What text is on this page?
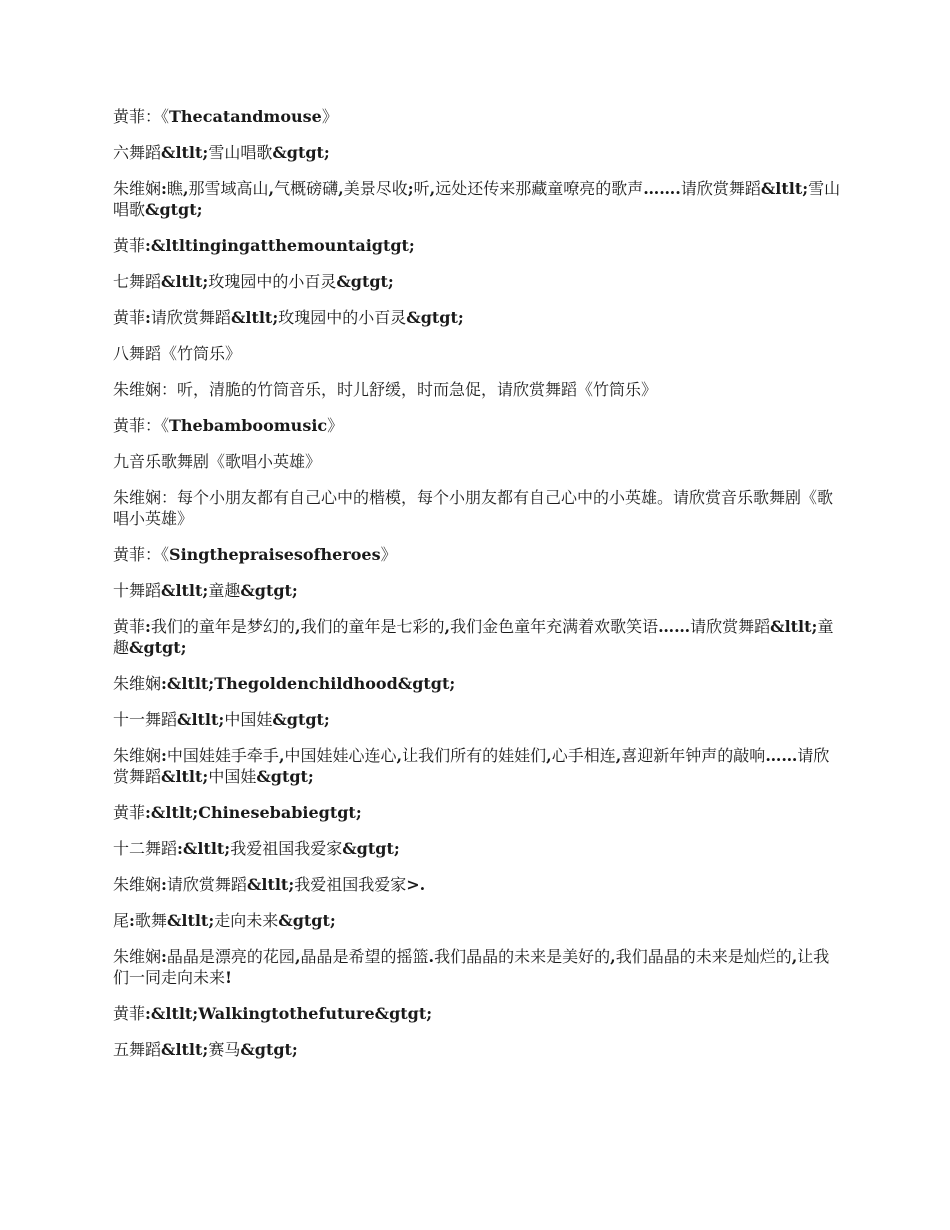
黄菲：《Thecatandmouse》

六舞蹈&ltlt;雪山唱歌&gtgt;

朱维娴:瞧,那雪域高山,气概磅礴,美景尽收;听,远处还传来那藏童嘹亮的歌声…….请欣赏舞蹈&ltlt;雪山唱歌&gtgt;

黄菲:&ltltingingatthemountaigtgt;

七舞蹈&ltlt;玫瑰园中的小百灵&gtgt;

黄菲:请欣赏舞蹈&ltlt;玫瑰园中的小百灵&gtgt;

八舞蹈《竹筒乐》

朱维娴：听，清脆的竹筒音乐，时儿舒缓，时而急促，请欣赏舞蹈《竹筒乐》

黄菲：《Thebamboomusic》

九音乐歌舞剧《歌唱小英雄》

朱维娴：每个小朋友都有自己心中的楷模，每个小朋友都有自己心中的小英雄。请欣赏音乐歌舞剧《歌唱小英雄》

黄菲：《Singthepraisesofheroes》

十舞蹈&ltlt;童趣&gtgt;

黄菲:我们的童年是梦幻的,我们的童年是七彩的,我们金色童年充满着欢歌笑语……请欣赏舞蹈&ltlt;童趣&gtgt;

朱维娴:&ltlt;Thegoldenchildhood&gtgt;

十一舞蹈&ltlt;中国娃&gtgt;

朱维娴:中国娃娃手牵手,中国娃娃心连心,让我们所有的娃娃们,心手相连,喜迎新年钟声的敲响……请欣赏舞蹈&ltlt;中国娃&gtgt;

黄菲:&ltlt;Chinesebabiegtgt;

十二舞蹈:&ltlt;我爱祖国我爱家&gtgt;

朱维娴:请欣赏舞蹈&ltlt;我爱祖国我爱家>.

尾:歌舞&ltlt;走向未来&gtgt;

朱维娴:晶晶是漂亮的花园,晶晶是希望的摇篮.我们晶晶的未来是美好的,我们晶晶的未来是灿烂的,让我们一同走向未来!

黄菲:&ltlt;Walkingtothefuture&gtgt;

五舞蹈&ltlt;赛马&gtgt;
